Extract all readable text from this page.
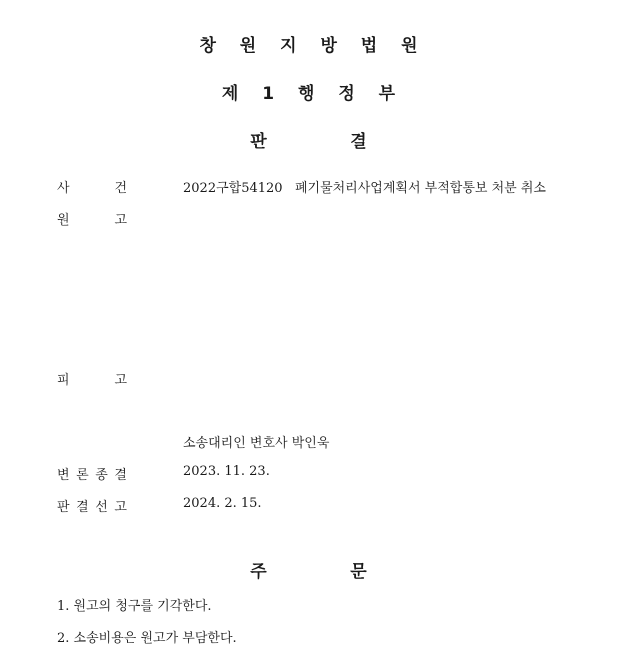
창 원 지 방 법 원
제 1 행 정 부
판     결
사	건	2022구합54120   폐기물처리사업계획서 부적합통보 처분 취소
원	고
피	고
소송대리인 변호사 박인욱
변 론 종 결	2023. 11. 23.
판 결 선 고	2024. 2. 15.
주     문
1. 원고의 청구를 기각한다.
2. 소송비용은 원고가 부담한다.
